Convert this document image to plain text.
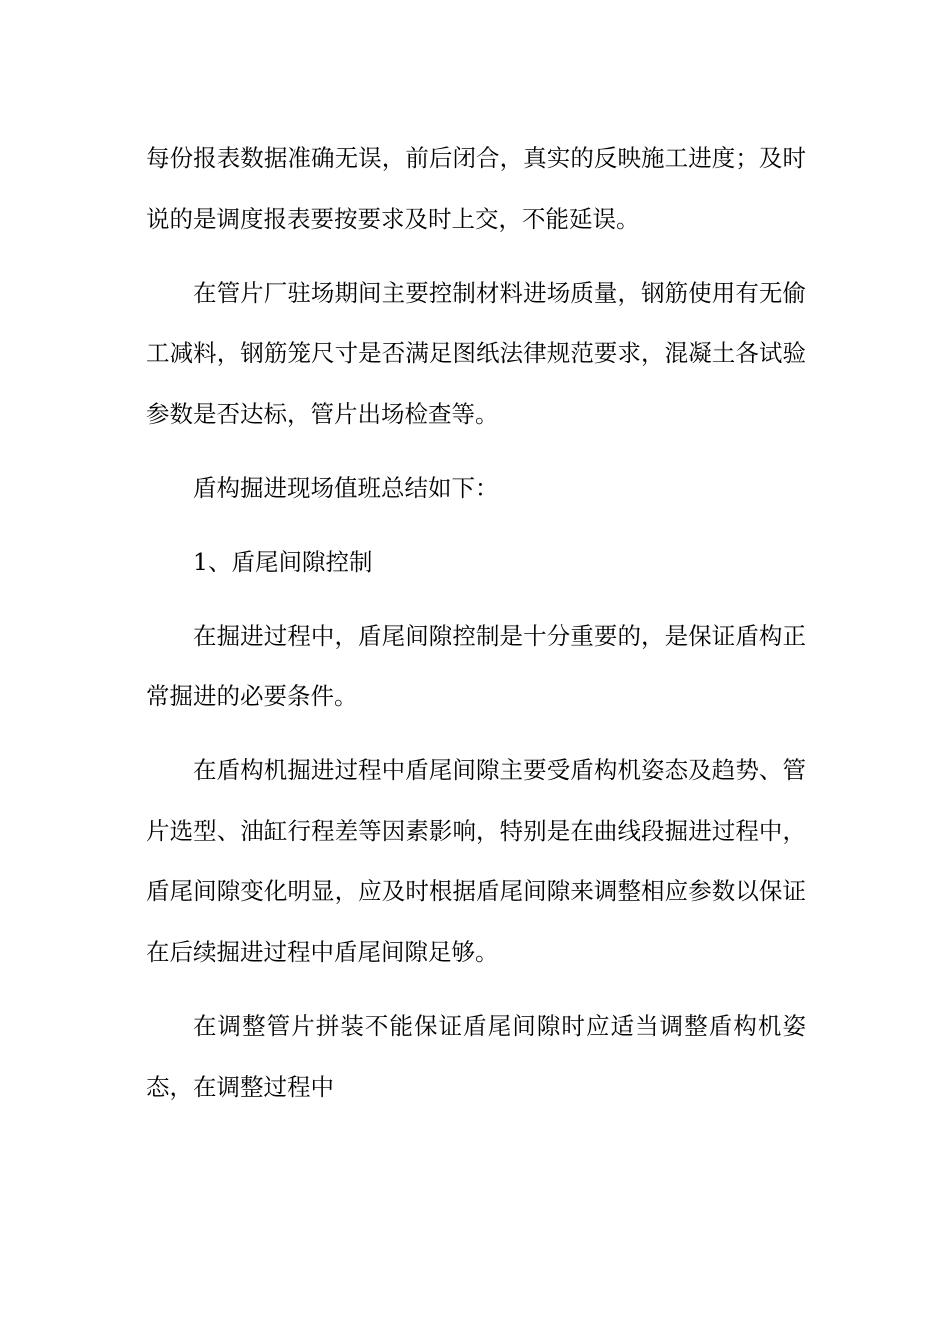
每份报表数据准确无误，前后闭合，真实的反映施工进度；及时说的是调度报表要按要求及时上交，不能延误。

在管片厂驻场期间主要控制材料进场质量，钢筋使用有无偷工减料，钢筋笼尺寸是否满足图纸法律规范要求，混凝土各试验参数是否达标，管片出场检查等。

盾构掘进现场值班总结如下：

1、盾尾间隙控制

在掘进过程中，盾尾间隙控制是十分重要的，是保证盾构正常掘进的必要条件。

在盾构机掘进过程中盾尾间隙主要受盾构机姿态及趋势、管片选型、油缸行程差等因素影响，特别是在曲线段掘进过程中，盾尾间隙变化明显，应及时根据盾尾间隙来调整相应参数以保证在后续掘进过程中盾尾间隙足够。

在调整管片拼装不能保证盾尾间隙时应适当调整盾构机姿态，在调整过程中
